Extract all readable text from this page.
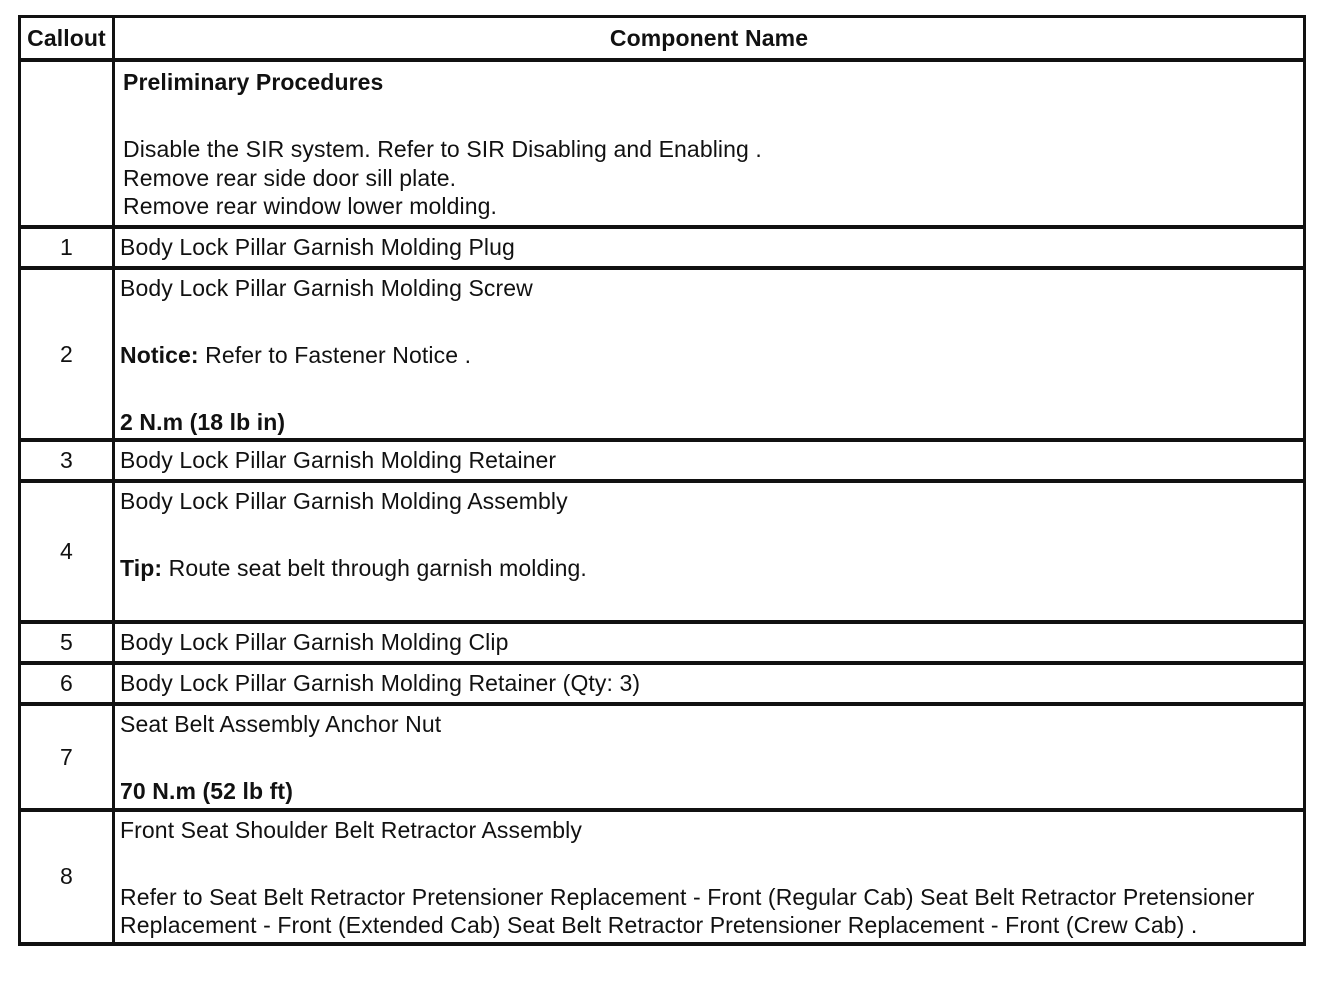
Callout	Component Name

	Preliminary Procedures
Disable the SIR system. Refer to SIR Disabling and Enabling .
Remove rear side door sill plate.
Remove rear window lower molding.

1	Body Lock Pillar Garnish Molding Plug
2	Body Lock Pillar Garnish Molding Screw
Notice: Refer to Fastener Notice .
2 N.m (18 lb in)

3	Body Lock Pillar Garnish Molding Retainer
4	Body Lock Pillar Garnish Molding Assembly
Tip: Route seat belt through garnish molding.

5	Body Lock Pillar Garnish Molding Clip
6	Body Lock Pillar Garnish Molding Retainer (Qty: 3)
7	Seat Belt Assembly Anchor Nut
70 N.m (52 lb ft)

8	Front Seat Shoulder Belt Retractor Assembly
Refer to Seat Belt Retractor Pretensioner Replacement - Front (Regular Cab) Seat Belt Retractor Pretensioner Replacement - Front (Extended Cab) Seat Belt Retractor Pretensioner Replacement - Front (Crew Cab) .
